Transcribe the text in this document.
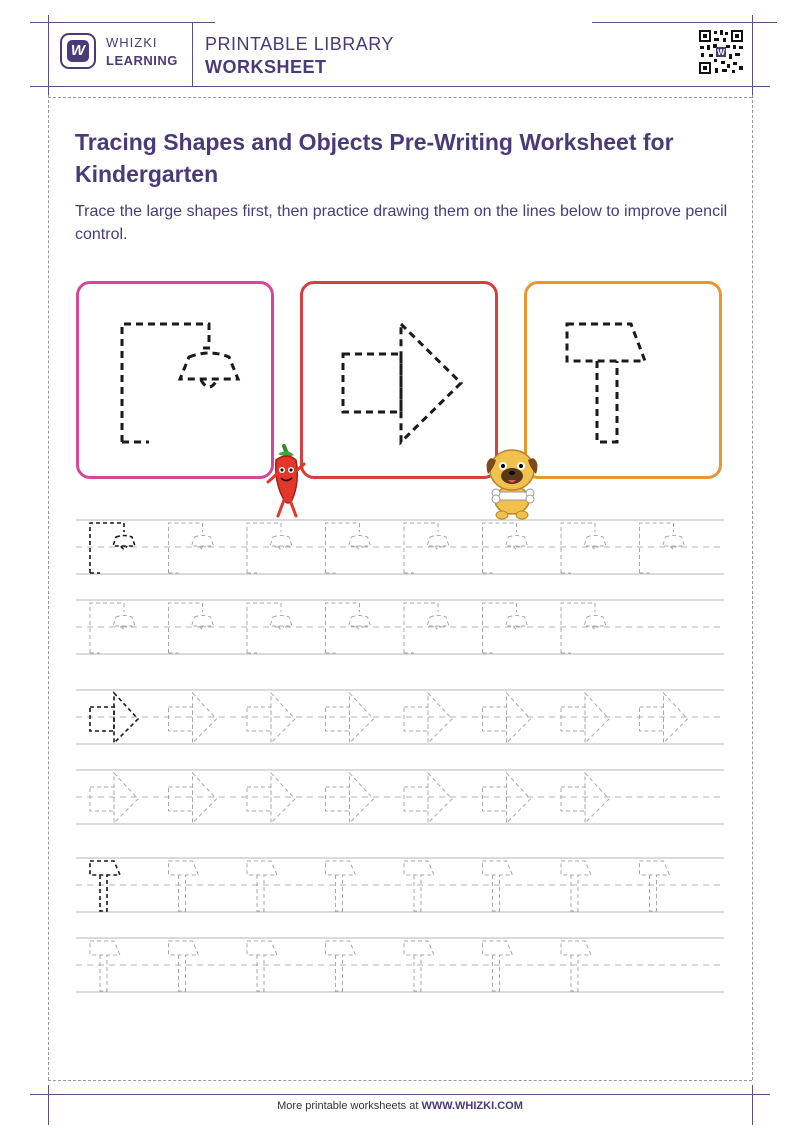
W	WHIZKI
LEARNING
PRINTABLE LIBRARY
WORKSHEET
W
Tracing Shapes and Objects Pre-Writing Worksheet for Kindergarten

Trace the large shapes first, then practice drawing them on the lines below to improve pencil control.

More printable worksheets at WWW.WHIZKI.COM
